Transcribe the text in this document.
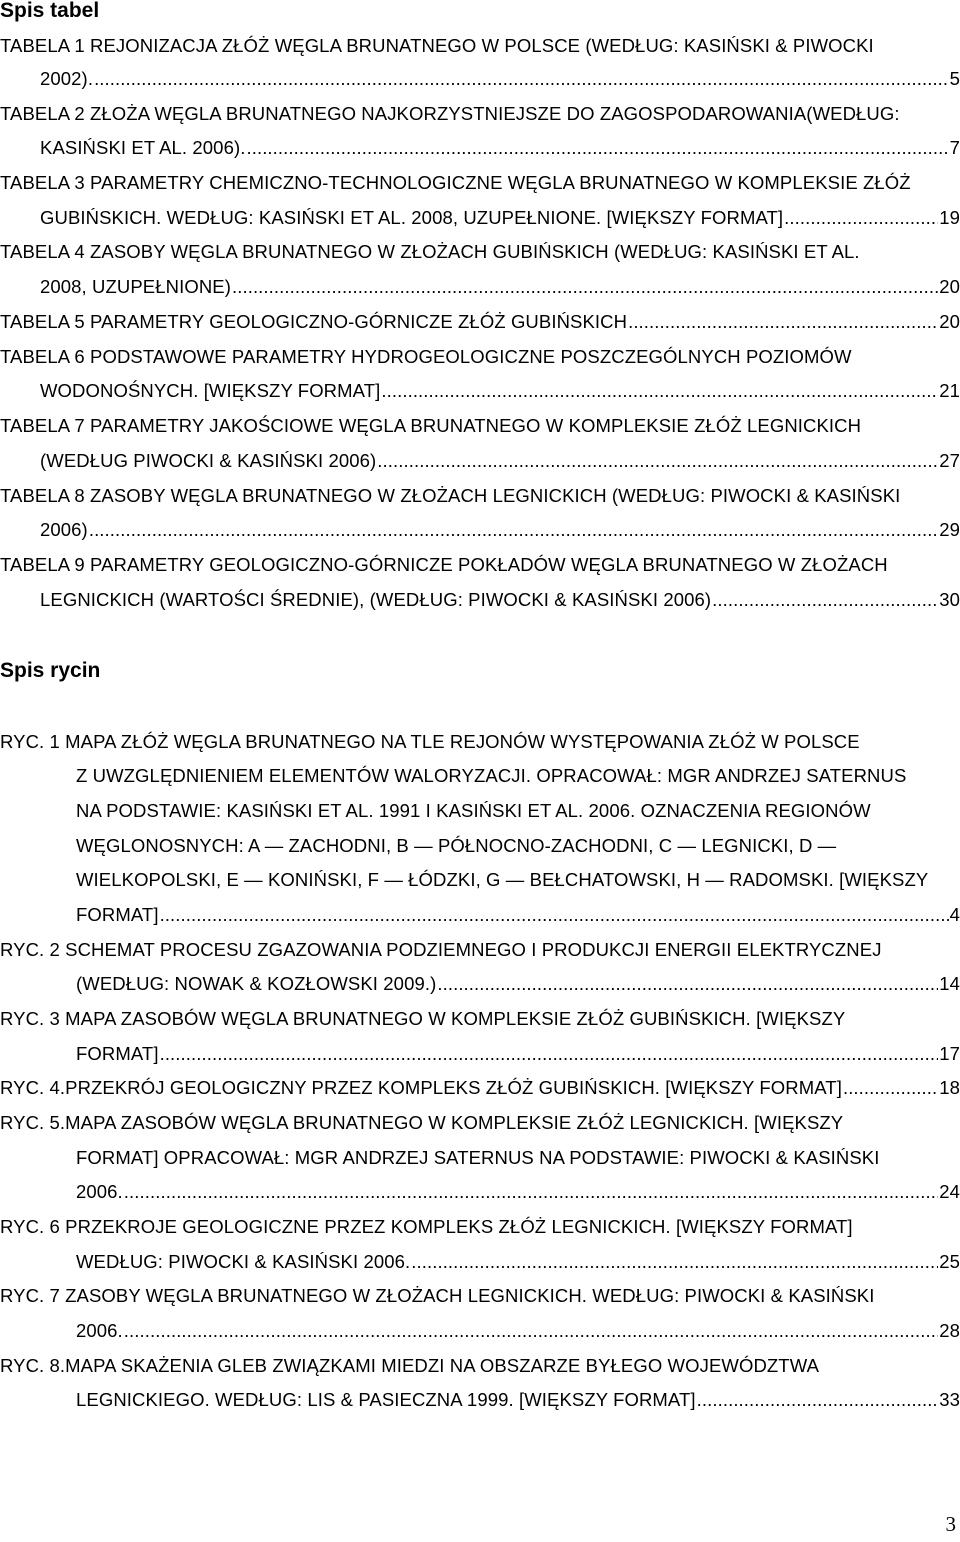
Spis tabel
TABELA 1 REJONIZACJA ZŁÓŻ WĘGLA BRUNATNEGO W POLSCE (WEDŁUG: KASIŃSKI & PIWOCKI
2002). .....	5
TABELA 2 ZŁOŻA WĘGLA BRUNATNEGO NAJKORZYSTNIEJSZE DO ZAGOSPODAROWANIA(WEDŁUG:
KASIŃSKI ET AL. 2006). .....	7
TABELA 3 PARAMETRY CHEMICZNO-TECHNOLOGICZNE WĘGLA BRUNATNEGO W KOMPLEKSIE ZŁÓŻ
GUBIŃSKICH. WEDŁUG: KASIŃSKI ET AL. 2008, UZUPEŁNIONE. [WIĘKSZY FORMAT] .....	19
TABELA 4 ZASOBY WĘGLA BRUNATNEGO W ZŁOŻACH GUBIŃSKICH (WEDŁUG: KASIŃSKI ET AL.
2008, UZUPEŁNIONE) .....	20
TABELA 5 PARAMETRY GEOLOGICZNO-GÓRNICZE ZŁÓŻ GUBIŃSKICH .....	20
TABELA 6 PODSTAWOWE PARAMETRY HYDROGEOLOGICZNE POSZCZEGÓLNYCH POZIOMÓW
WODONOŚNYCH. [WIĘKSZY FORMAT] .....	21
TABELA 7 PARAMETRY JAKOŚCIOWE WĘGLA BRUNATNEGO W KOMPLEKSIE ZŁÓŻ LEGNICKICH
(WEDŁUG PIWOCKI & KASIŃSKI 2006) .....	27
TABELA 8 ZASOBY WĘGLA BRUNATNEGO W ZŁOŻACH LEGNICKICH (WEDŁUG: PIWOCKI & KASIŃSKI
2006) .....	29
TABELA 9 PARAMETRY GEOLOGICZNO-GÓRNICZE POKŁADÓW WĘGLA BRUNATNEGO W ZŁOŻACH
LEGNICKICH (WARTOŚCI ŚREDNIE), (WEDŁUG: PIWOCKI & KASIŃSKI 2006) .....	30
Spis rycin
RYC. 1 MAPA ZŁÓŻ WĘGLA BRUNATNEGO NA TLE REJONÓW WYSTĘPOWANIA ZŁÓŻ W POLSCE
Z UWZGLĘDNIENIEM ELEMENTÓW WALORYZACJI. OPRACOWAŁ: MGR ANDRZEJ SATERNUS
NA PODSTAWIE: KASIŃSKI ET AL. 1991 I KASIŃSKI ET AL. 2006. OZNACZENIA REGIONÓW
WĘGLONOSNYCH: A — ZACHODNI, B — PÓŁNOCNO-ZACHODNI, C — LEGNICKI, D —
WIELKOPOLSKI, E — KONIŃSKI, F — ŁÓDZKI, G — BEŁCHATOWSKI, H — RADOMSKI. [WIĘKSZY
FORMAT] .....	4
RYC. 2 SCHEMAT PROCESU ZGAZOWANIA PODZIEMNEGO I PRODUKCJI ENERGII ELEKTRYCZNEJ
(WEDŁUG: NOWAK & KOZŁOWSKI 2009.) .....	14
RYC. 3 MAPA ZASOBÓW WĘGLA BRUNATNEGO W KOMPLEKSIE ZŁÓŻ GUBIŃSKICH. [WIĘKSZY
FORMAT] .....	17
RYC. 4.PRZEKRÓJ GEOLOGICZNY PRZEZ KOMPLEKS ZŁÓŻ GUBIŃSKICH. [WIĘKSZY FORMAT] .....	18
RYC. 5.MAPA ZASOBÓW WĘGLA BRUNATNEGO W KOMPLEKSIE ZŁÓŻ LEGNICKICH. [WIĘKSZY
FORMAT] OPRACOWAŁ: MGR ANDRZEJ SATERNUS NA PODSTAWIE: PIWOCKI & KASIŃSKI
2006. .....	24
RYC. 6 PRZEKROJE GEOLOGICZNE PRZEZ KOMPLEKS ZŁÓŻ LEGNICKICH. [WIĘKSZY FORMAT]
WEDŁUG: PIWOCKI & KASIŃSKI 2006. .....	25
RYC. 7 ZASOBY WĘGLA BRUNATNEGO W ZŁOŻACH LEGNICKICH. WEDŁUG: PIWOCKI & KASIŃSKI
2006. .....	28
RYC. 8.MAPA SKAŻENIA GLEB ZWIĄZKAMI MIEDZI NA OBSZARZE BYŁEGO WOJEWÓDZTWA
LEGNICKIEGO. WEDŁUG: LIS & PASIECZNA 1999. [WIĘKSZY FORMAT] .....	33
3
